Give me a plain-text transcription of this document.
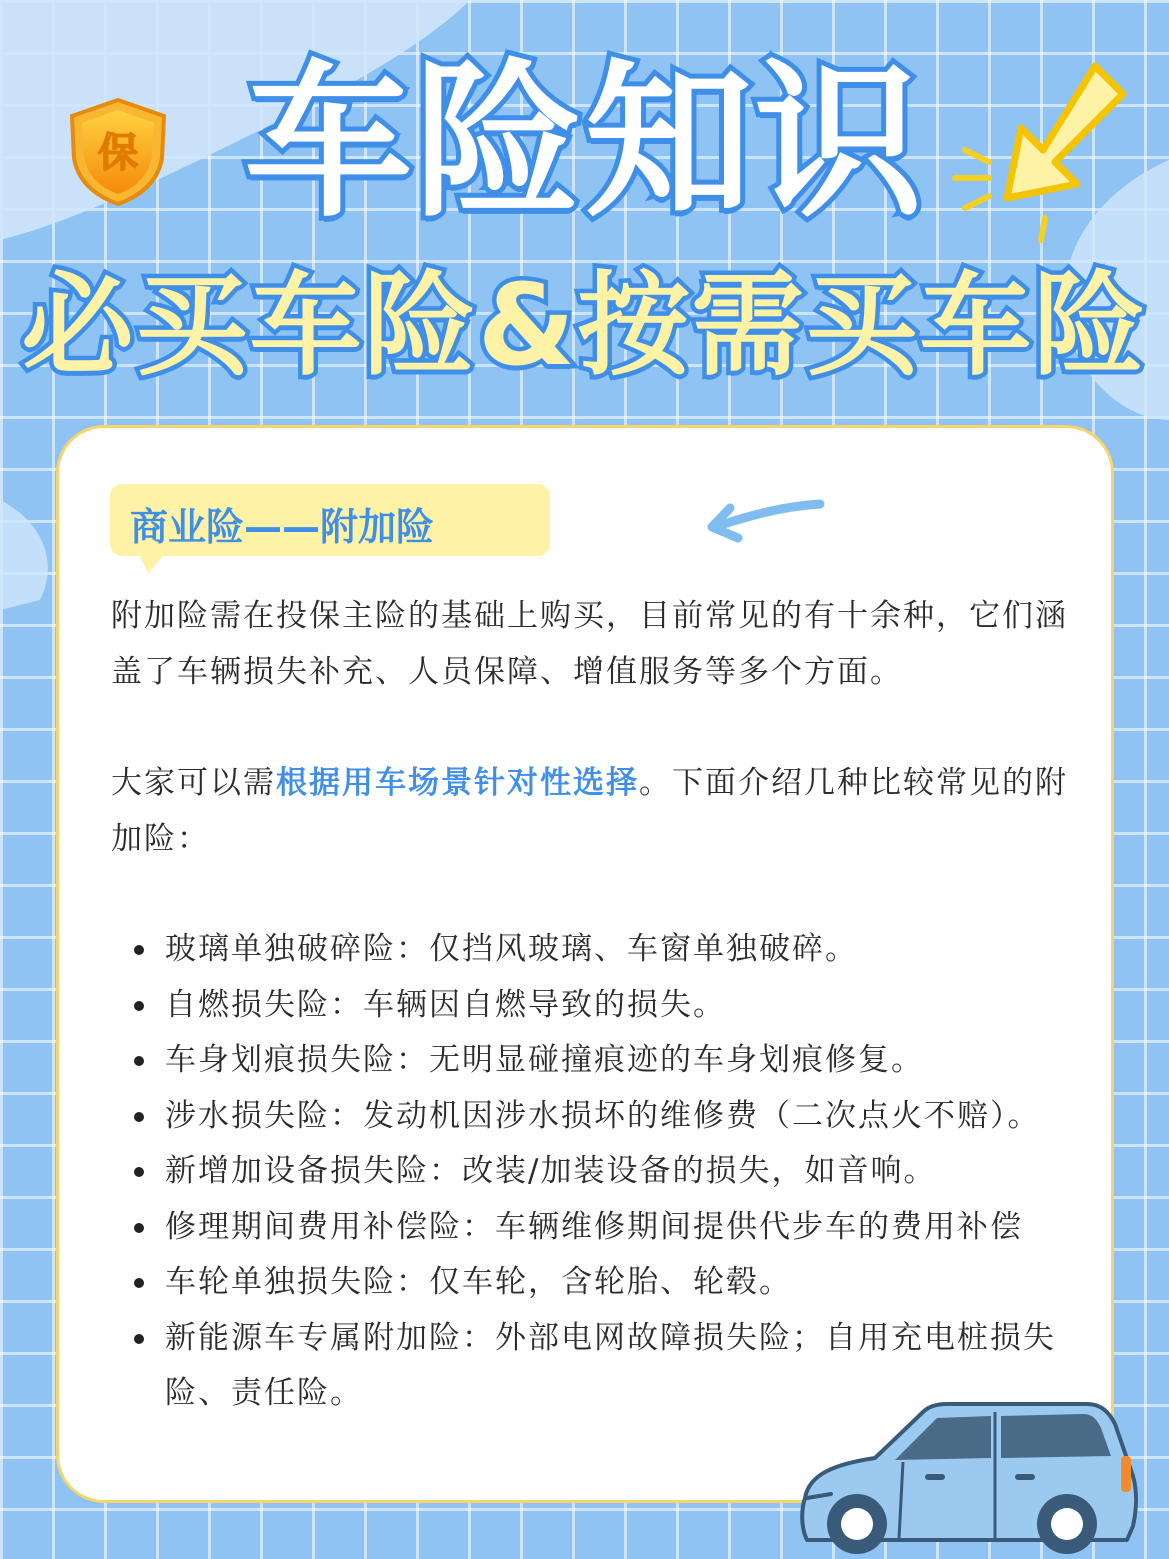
保 车险知识
必买车险&按需买车险
商业险——附加险
附加险需在投保主险的基础上购买，目前常见的有十余种，它们涵盖了车辆损失补充、人员保障、增值服务等多个方面。
大家可以需根据用车场景针对性选择。下面介绍几种比较常见的附加险：
玻璃单独破碎险：仅挡风玻璃、车窗单独破碎。
自燃损失险：车辆因自燃导致的损失。
车身划痕损失险：无明显碰撞痕迹的车身划痕修复。
涉水损失险：发动机因涉水损坏的维修费（二次点火不赔）。
新增加设备损失险：改装/加装设备的损失，如音响。
修理期间费用补偿险：车辆维修期间提供代步车的费用补偿
车轮单独损失险：仅车轮，含轮胎、轮毂。
新能源车专属附加险：外部电网故障损失险；自用充电桩损失险、责任险。
